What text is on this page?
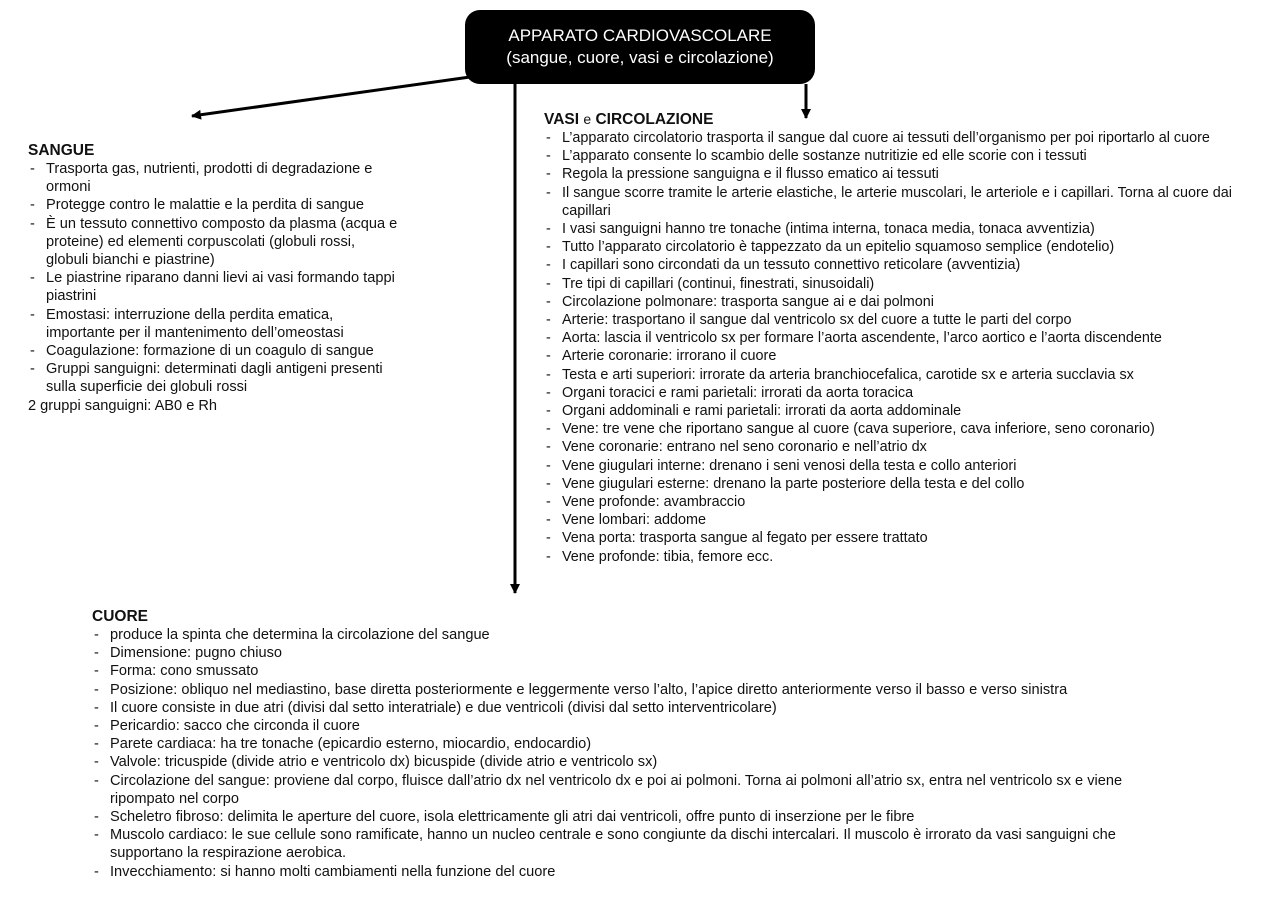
APPARATO CARDIOVASCOLARE
(sangue, cuore, vasi e circolazione)
SANGUE
- Trasporta gas, nutrienti, prodotti di degradazione e ormoni
- Protegge contro le malattie e la perdita di sangue
- È un tessuto connettivo composto da plasma (acqua e proteine) ed elementi corpuscolati (globuli rossi, globuli bianchi e piastrine)
- Le piastrine riparano danni lievi ai vasi formando tappi piastrini
- Emostasi: interruzione della perdita ematica, importante per il mantenimento dell’omeostasi
- Coagulazione: formazione di un coagulo di sangue
- Gruppi sanguigni: determinati dagli antigeni presenti sulla superficie dei globuli rossi

2 gruppi sanguigni: AB0 e Rh

VASI e CIRCOLAZIONE
- L’apparato circolatorio trasporta il sangue dal cuore ai tessuti dell’organismo per poi riportarlo al cuore
- L’apparato consente lo scambio delle sostanze nutritizie ed elle scorie con i tessuti
- Regola la pressione sanguigna e il flusso ematico ai tessuti
- Il sangue scorre tramite le arterie elastiche, le arterie muscolari, le arteriole e i capillari. Torna al cuore dai capillari
- I vasi sanguigni hanno tre tonache (intima interna, tonaca media, tonaca avventizia)
- Tutto l’apparato circolatorio è tappezzato da un epitelio squamoso semplice (endotelio)
- I capillari sono circondati da un tessuto connettivo reticolare (avventizia)
- Tre tipi di capillari (continui, finestrati, sinusoidali)
- Circolazione polmonare: trasporta sangue ai e dai polmoni
- Arterie: trasportano il sangue dal ventricolo sx del cuore a tutte le parti del corpo
- Aorta: lascia il ventricolo sx per formare l’aorta ascendente, l’arco aortico e l’aorta discendente
- Arterie coronarie: irrorano il cuore
- Testa e arti superiori: irrorate da arteria branchiocefalica, carotide sx e arteria succlavia sx
- Organi toracici e rami parietali: irrorati da aorta toracica
- Organi addominali e rami parietali: irrorati da aorta addominale
- Vene: tre vene che riportano sangue al cuore (cava superiore, cava inferiore, seno coronario)
- Vene coronarie: entrano nel seno coronario e nell’atrio dx
- Vene giugulari interne: drenano i seni venosi della testa e collo anteriori
- Vene giugulari esterne: drenano la parte posteriore della testa e del collo
- Vene profonde: avambraccio
- Vene lombari: addome
- Vena porta: trasporta sangue al fegato per essere trattato
- Vene profonde: tibia, femore ecc.
CUORE
- produce la spinta che determina la circolazione del sangue
- Dimensione: pugno chiuso
- Forma: cono smussato
- Posizione: obliquo nel mediastino, base diretta posteriormente e leggermente verso l’alto, l’apice diretto anteriormente verso il basso e verso sinistra
- Il cuore consiste in due atri (divisi dal setto interatriale) e due ventricoli (divisi dal setto interventricolare)
- Pericardio: sacco che circonda il cuore
- Parete cardiaca: ha tre tonache (epicardio esterno, miocardio, endocardio)
- Valvole: tricuspide (divide atrio e ventricolo dx) bicuspide (divide atrio e ventricolo sx)
- Circolazione del sangue: proviene dal corpo, fluisce dall’atrio dx nel ventricolo dx e poi ai polmoni. Torna ai polmoni all’atrio sx, entra nel ventricolo sx e viene ripompato nel corpo
- Scheletro fibroso: delimita le aperture del cuore, isola elettricamente gli atri dai ventricoli, offre punto di inserzione per le fibre
- Muscolo cardiaco: le sue cellule sono ramificate, hanno un nucleo centrale e sono congiunte da dischi intercalari. Il muscolo è irrorato da vasi sanguigni che supportano la respirazione aerobica.
- Invecchiamento: si hanno molti cambiamenti nella funzione del cuore
